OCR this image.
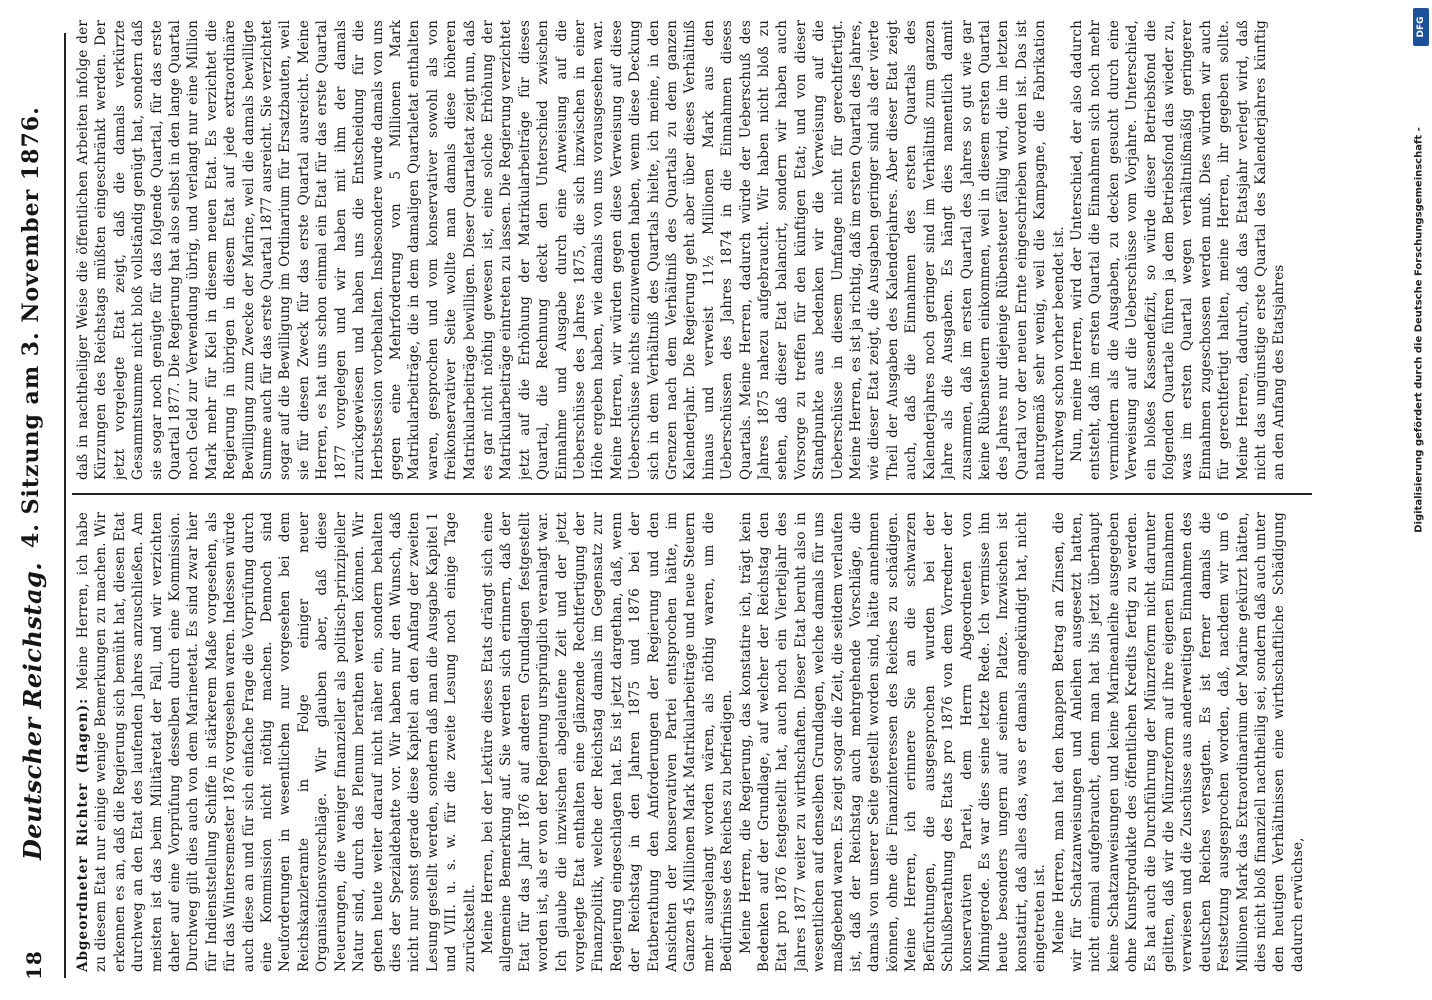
18
Deutscher Reichstag.
4. Sitzung am 3. November 1876.

Abgeordneter Richter (Hagen): Meine Herren, ich habe zu diesem Etat nur einige wenige Bemerkungen zu machen. Wir erkennen es an, daß die Regierung sich bemüht hat, diesen Etat durchweg an den Etat des laufenden Jahres anzuschließen. Am meisten ist das beim Militäretat der Fall, und wir verzichten daher auf eine Vorprüfung desselben durch eine Kommission. Durchweg gilt dies auch von dem Marineetat. Es sind zwar hier für Indienststellung Schiffe in stärkerem Maße vorgesehen, als für das Wintersemester 1876 vorgesehen waren. Indessen würde auch diese an und für sich einfache Frage die Vorprüfung durch eine Kommission nicht nöthig machen. Dennoch sind Neuforderungen in wesentlichen nur vorgesehen bei dem Reichskanzleramte in Folge einiger neuer Organisationsvorschläge. Wir glauben aber, daß diese Neuerungen, die weniger finanzieller als politisch-prinzipieller Natur sind, durch das Plenum berathen werden können. Wir gehen heute weiter darauf nicht näher ein, sondern behalten dies der Spezialdebatte vor. Wir haben nur den Wunsch, daß nicht nur sonst gerade diese Kapitel an den Anfang der zweiten Lesung gestellt werden, sondern daß man die Ausgabe Kapitel 1 und VIII. u. s. w. für die zweite Lesung noch einige Tage zurückstellt. Meine Herren, bei der Lektüre dieses Etats drängt sich eine allgemeine Bemerkung auf. Sie werden sich erinnern, daß der Etat für das Jahr 1876 auf anderen Grundlagen festgestellt worden ist, als er von der Regierung ursprünglich veranlagt war. Ich glaube die inzwischen abgelaufene Zeit und der jetzt vorgelegte Etat enthalten eine glänzende Rechtfertigung der Finanzpolitik, welche der Reichstag damals im Gegensatz zur Regierung eingeschlagen hat. Es ist jetzt dargethan, daß, wenn der Reichstag in den Jahren 1875 und 1876 bei der Etatberathung den Anforderungen der Regierung und den Ansichten der konservativen Partei entsprochen hätte, im Ganzen 45 Millionen Mark Matrikularbeiträge und neue Steuern mehr ausgelangt worden wären, als nöthig waren, um die Bedürfnisse des Reiches zu befriedigen. Meine Herren, die Regierung, das konstatire ich, trägt kein Bedenken auf der Grundlage, auf welcher der Reichstag den Etat pro 1876 festgestellt hat, auch noch ein Vierteljahr des Jahres 1877 weiter zu wirthschaften. Dieser Etat beruht also in wesentlichen auf denselben Grundlagen, welche damals für uns maßgebend waren. Es zeigt sogar die Zeit, die seitdem verlaufen ist, daß der Reichstag auch mehrgehende Vorschläge, die damals von unserer Seite gestellt worden sind, hätte annehmen können, ohne die Finanzinteressen des Reiches zu schädigen. Meine Herren, ich erinnere Sie an die schwarzen Befürchtungen, die ausgesprochen wurden bei der Schlußberathung des Etats pro 1876 von dem Vorredner der konservativen Partei, dem Herrn Abgeordneten von Minnigerode. Es war dies seine letzte Rede. Ich vermisse ihn heute besonders ungern auf seinem Platze. Inzwischen ist konstatirt, daß alles das, was er damals angekündigt hat, nicht eingetreten ist. Meine Herren, man hat den knappen Betrag an Zinsen, die wir für Schatzanweisungen und Anleihen ausgesetzt hatten, nicht einmal aufgebraucht, denn man hat bis jetzt überhaupt keine Schatzanweisungen und keine Marineanleihe ausgegeben ohne Kunstprodukte des öffentlichen Kredits fertig zu werden. Es hat auch die Durchführung der Münzreform nicht darunter gelitten, daß wir die Münzreform auf ihre eigenen Einnahmen verwiesen und die Zuschüsse aus anderweitigen Einnahmen des deutschen Reiches versagten. Es ist ferner damals die Festsetzung ausgesprochen worden, daß, nachdem wir um 6 Millionen Mark das Extraordinarium der Marine gekürzt hätten, dies nicht bloß finanziell nachtheilig sei, sondern daß auch unter den heutigen Verhältnissen eine wirthschaftliche Schädigung dadurch erwüchse,

daß in nachtheiliger Weise die öffentlichen Arbeiten infolge der Kürzungen des Reichstags müßten eingeschränkt werden. Der jetzt vorgelegte Etat zeigt, daß die damals verkürzte Gesammtsumme nicht bloß vollständig genügt hat, sondern daß sie sogar noch genügte für das folgende Quartal, für das erste Quartal 1877. Die Regierung hat also selbst in den lange Quartal noch Geld zur Verwendung übrig, und verlangt nur eine Million Mark mehr für Kiel in diesem neuen Etat. Es verzichtet die Regierung in übrigen in diesem Etat auf jede extraordinäre Bewilligung zum Zwecke der Marine, weil die damals bewilligte Summe auch für das erste Quartal 1877 ausreicht. Sie verzichtet sogar auf die Bewilligung im Ordinarium für Ersatzbauten, weil sie für diesen Zweck für das erste Quartal ausreicht. Meine Herren, es hat uns schon einmal ein Etat für das erste Quartal 1877 vorgelegen und wir haben mit ihm der damals zurückgewiesen und haben uns die Entscheidung für die Herbstsession vorbehalten. Insbesondere wurde damals von uns gegen eine Mehrforderung von 5 Millionen Mark Matrikularbeiträge, die in dem damaligen Quartaletat enthalten waren, gesprochen und vom konservativer sowohl als von freikonservativer Seite wollte man damals diese höheren Matrikularbeiträge bewilligen. Dieser Quartaletat zeigt nun, daß es gar nicht nöthig gewesen ist, eine solche Erhöhung der Matrikularbeiträge eintreten zu lassen. Die Regierung verzichtet jetzt auf die Erhöhung der Matrikularbeiträge für dieses Quartal, die Rechnung deckt den Unterschied zwischen Einnahme und Ausgabe durch eine Anweisung auf die Ueberschüsse des Jahres 1875, die sich inzwischen in einer Höhe ergeben haben, wie damals von uns vorausgesehen war. Meine Herren, wir würden gegen diese Verweisung auf diese Ueberschüsse nichts einzuwenden haben, wenn diese Deckung sich in dem Verhältniß des Quartals hielte, ich meine, in den Grenzen nach dem Verhältniß des Quartals zu dem ganzen Kalenderjahr. Die Regierung geht aber über dieses Verhältniß hinaus und verweist 11½ Millionen Mark aus den Ueberschüssen des Jahres 1874 in die Einnahmen dieses Quartals. Meine Herren, dadurch würde der Ueberschuß des Jahres 1875 nahezu aufgebraucht. Wir haben nicht bloß zu sehen, daß dieser Etat balancirt, sondern wir haben auch Vorsorge zu treffen für den künftigen Etat; und von dieser Standpunkte aus bedenken wir die Verweisung auf die Ueberschüsse in diesem Umfange nicht für gerechtfertigt. Meine Herren, es ist ja richtig, daß im ersten Quartal des Jahres, wie dieser Etat zeigt, die Ausgaben geringer sind als der vierte Theil der Ausgaben des Kalenderjahres. Aber dieser Etat zeigt auch, daß die Einnahmen des ersten Quartals des Kalenderjahres noch geringer sind im Verhältniß zum ganzen Jahre als die Ausgaben. Es hängt dies namentlich damit zusammen, daß im ersten Quartal des Jahres so gut wie gar keine Rübensteuern einkommen, weil in diesem ersten Quartal des Jahres nur diejenige Rübensteuer fällig wird, die im letzten Quartal vor der neuen Ernte eingeschrieben worden ist. Das ist naturgemäß sehr wenig, weil die Kampagne, die Fabrikation durchweg schon vorher beendet ist. Nun, meine Herren, wird der Unterschied, der also dadurch entsteht, daß im ersten Quartal die Einnahmen sich noch mehr vermindern als die Ausgaben, zu decken gesucht durch eine Verweisung auf die Ueberschüsse vom Vorjahre. Unterschied, ein bloßes Kassendefizit, so würde dieser Betriebsfond die folgenden Quartale führen ja dem Betriebsfond das wieder zu, was im ersten Quartal wegen verhältnißmäßig geringerer Einnahmen zugeschossen werden muß. Dies würden wir auch für gerechtfertigt halten, meine Herren, ihr gegeben sollte. Meine Herren, dadurch, daß das Etatsjahr verlegt wird, daß nicht das ungünstige erste Quartal des Kalenderjahres künftig an den Anfang des Etatsjahres	Digitalisierung gefördert durch die Deutsche Forschungsgemeinschaft -
DFG
